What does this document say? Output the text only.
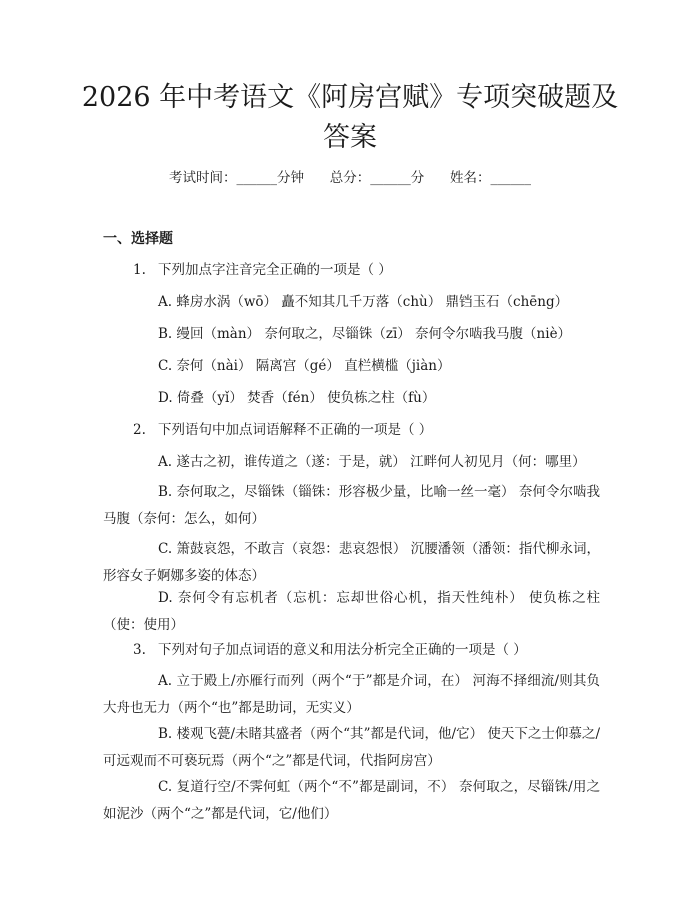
2026 年中考语文《阿房宫赋》专项突破题及
答案
考试时间：______分钟 总分：______分 姓名：______
一、选择题
1. 下列加点字注音完全正确的一项是（ ）
A. 蜂房水涡（wō） 矗不知其几千万落（chù） 鼎铛玉石（chēng）
B. 缦回（màn） 奈何取之，尽锱铢（zī） 奈何令尔啮我马腹（niè）
C. 奈何（nài） 隔离宫（gé） 直栏横槛（jiàn）
D. 倚叠（yǐ） 焚香（fén） 使负栋之柱（fù）
2. 下列语句中加点词语解释不正确的一项是（ ）
A. 遂古之初，谁传道之（遂：于是，就） 江畔何人初见月（何：哪里）

B. 奈何取之，尽锱铢（锱铢：形容极少量，比喻一丝一毫） 奈何令尔啮我马腹（奈何：怎么，如何）

C. 箫鼓哀怨，不敢言（哀怨：悲哀怨恨） 沉腰潘领（潘领：指代柳永词，形容女子婀娜多姿的体态）

D. 奈何令有忘机者（忘机：忘却世俗心机，指天性纯朴） 使负栋之柱（使：使用）

3. 下列对句子加点词语的意义和用法分析完全正确的一项是（ ）

A. 立于殿上/亦雁行而列（两个“于”都是介词，在） 河海不择细流/则其负大舟也无力（两个“也”都是助词，无实义）

B. 楼观飞甍/未睹其盛者（两个“其”都是代词，他/它） 使天下之士仰慕之/可远观而不可亵玩焉（两个“之”都是代词，代指阿房宫）

C. 复道行空/不霁何虹（两个“不”都是副词，不） 奈何取之，尽锱铢/用之如泥沙（两个“之”都是代词，它/他们）
